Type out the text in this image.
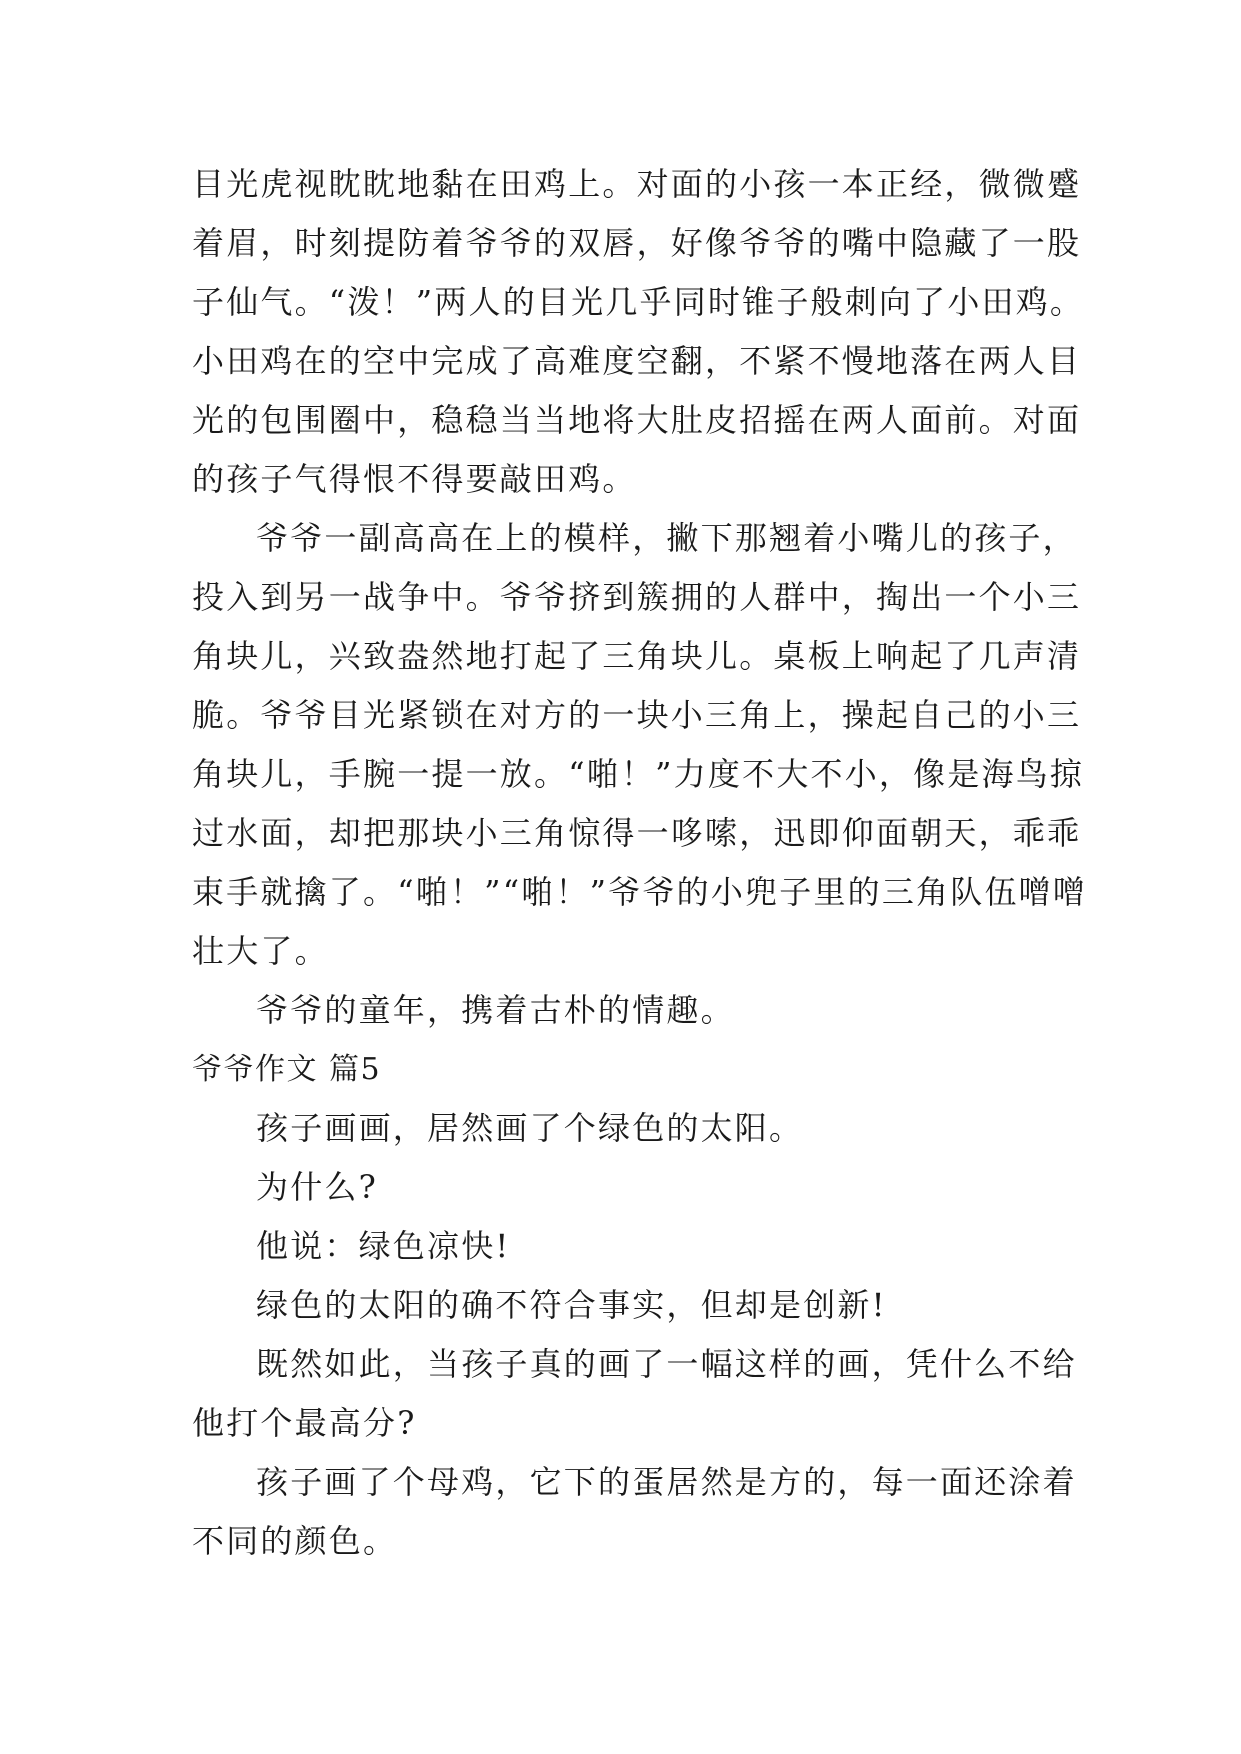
目光虎视眈眈地黏在田鸡上。对面的小孩一本正经，微微蹙
着眉，时刻提防着爷爷的双唇，好像爷爷的嘴中隐藏了一股
子仙气。“泼！”两人的目光几乎同时锥子般刺向了小田鸡。
小田鸡在的空中完成了高难度空翻，不紧不慢地落在两人目
光的包围圈中，稳稳当当地将大肚皮招摇在两人面前。对面
的孩子气得恨不得要敲田鸡。
爷爷一副高高在上的模样，撇下那翘着小嘴儿的孩子，
投入到另一战争中。爷爷挤到簇拥的人群中，掏出一个小三
角块儿，兴致盎然地打起了三角块儿。桌板上响起了几声清
脆。爷爷目光紧锁在对方的一块小三角上，操起自己的小三
角块儿，手腕一提一放。“啪！”力度不大不小，像是海鸟掠
过水面，却把那块小三角惊得一哆嗦，迅即仰面朝天，乖乖
束手就擒了。“啪！”“啪！”爷爷的小兜子里的三角队伍噌噌
壮大了。
爷爷的童年，携着古朴的情趣。
爷爷作文 篇5
孩子画画，居然画了个绿色的太阳。
为什么?
他说：绿色凉快!
绿色的太阳的确不符合事实，但却是创新!
既然如此，当孩子真的画了一幅这样的画，凭什么不给
他打个最高分?
孩子画了个母鸡，它下的蛋居然是方的，每一面还涂着
不同的颜色。
